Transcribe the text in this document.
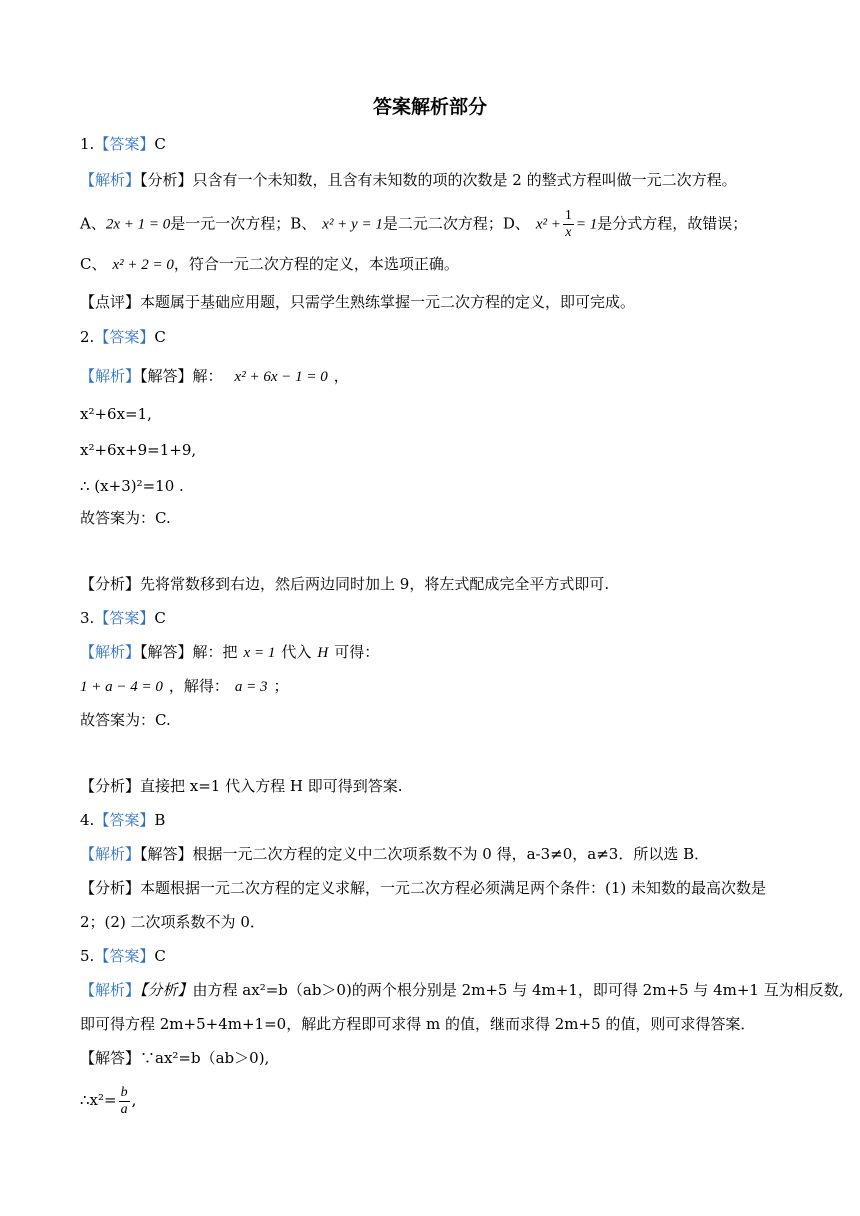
答案解析部分
1.【答案】C
【解析】【分析】只含有一个未知数，且含有未知数的项的次数是 2 的整式方程叫做一元二次方程。
A、2x + 1 = 0是一元一次方程；B、 x² + y = 1是二元二次方程；D、 $x^2 + \frac{1}{x} = 1$是分式方程，故错误；
C、 x² + 2 = 0，符合一元二次方程的定义，本选项正确。
【点评】本题属于基础应用题，只需学生熟练掌握一元二次方程的定义，即可完成。
2.【答案】C
【解析】【解答】解： x² + 6x − 1 = 0 ，
x²+6x=1,
x²+6x+9=1+9,
∴ (x+3)²=10 .
故答案为：C.
【分析】先将常数移到右边，然后两边同时加上 9，将左式配成完全平方式即可.
3.【答案】C
【解析】【解答】解：把 x = 1 代入 H 可得：
1 + a − 4 = 0 ，解得： a = 3 ；
故答案为：C.
【分析】直接把 x=1 代入方程 H 即可得到答案.
4.【答案】B
【解析】【解答】根据一元二次方程的定义中二次项系数不为 0 得，a-3≠0，a≠3．所以选 B．
【分析】本题根据一元二次方程的定义求解，一元二次方程必须满足两个条件：(1) 未知数的最高次数是
2；(2) 二次项系数不为 0．
5.【答案】C
【解析】【分析】由方程 ax²=b（ab＞0)的两个根分别是 2m+5 与 4m+1，即可得 2m+5 与 4m+1 互为相反数,
即可得方程 2m+5+4m+1=0，解此方程即可求得 m 的值，继而求得 2m+5 的值，则可求得答案．
【解答】∵ax²=b（ab＞0),
∴x²= $\frac{b}{a}$ ,
